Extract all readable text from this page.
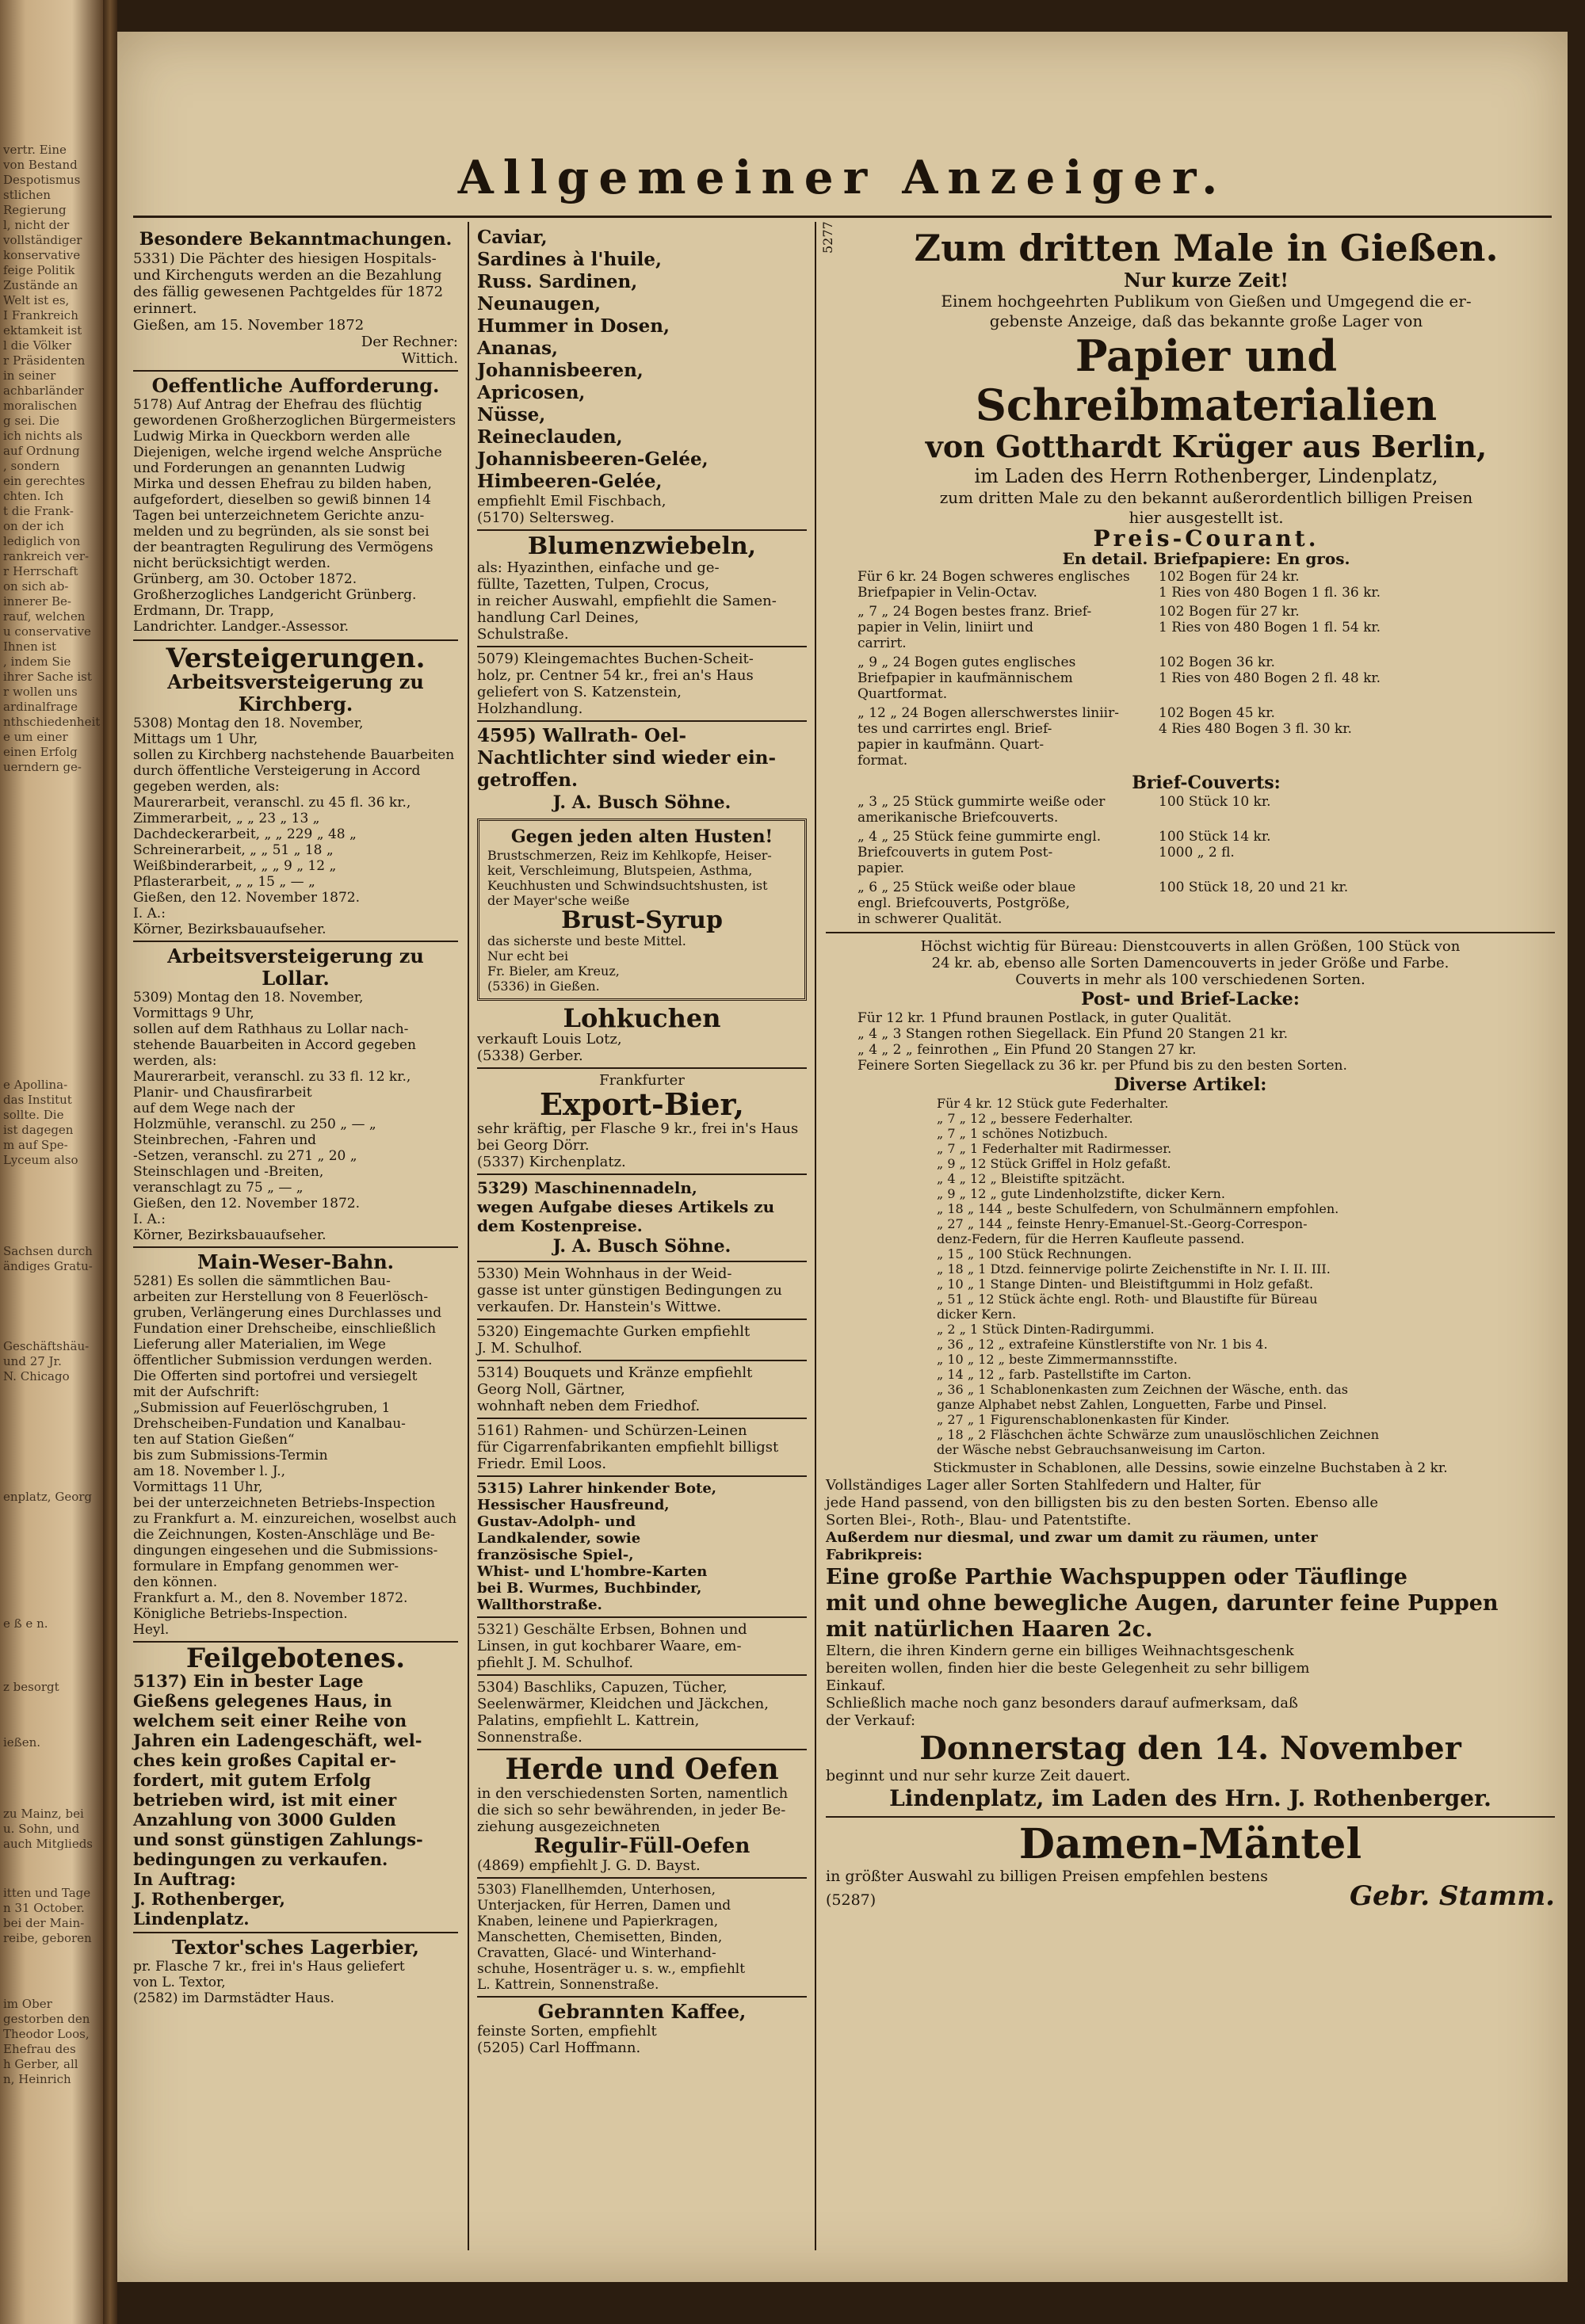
vertr. Eine
von Bestand
Despotismus
stlichen Regierung
l, nicht der
vollständiger
konservative
feige Politik
Zustände an
Welt ist es,
I Frankreich
ektamkeit ist
l die Völker
r Präsidenten
in seiner
achbarländer
moralischen
g sei. Die
ich nichts als
auf Ordnung
, sondern
ein gerechtes
chten. Ich
t die Frank-
on der ich
lediglich von
rankreich ver-
r Herrschaft
on sich ab-
innerer Be-
rauf, welchen
u conservative
Ihnen ist
, indem Sie
ihrer Sache ist
r wollen uns
ardinalfrage
nthschiedenheit
e um einer
einen Erfolg
uerndern ge-
e Apollina-
das Institut
sollte. Die
ist dagegen
m auf Spe-
Lyceum also
Sachsen durch
ändiges Gratu-
Geschäftshäu-
und 27 Jr.
N. Chicago
enplatz, Georg
e ß e n.
z besorgt
ießen.
zu Mainz, bei
u. Sohn, und
auch Mitglieds
itten und Tage
n 31 October.
bei der Main-
reibe, geboren
im Ober
gestorben den
Theodor Loos,
Ehefrau des
h Gerber, all
n, Heinrich
Allgemeiner Anzeiger.
Besondere Bekanntmachungen.
5331) Die Pächter des hiesigen Hospitals-
und Kirchenguts werden an die Bezahlung
des fällig gewesenen Pachtgeldes für 1872
erinnert.
Gießen, am 15. November 1872
Der Rechner:
Wittich.
Oeffentliche Aufforderung.
5178) Auf Antrag der Ehefrau des flüchtig
gewordenen Großherzoglichen Bürgermeisters
Ludwig Mirka in Queckborn werden alle
Diejenigen, welche irgend welche Ansprüche
und Forderungen an genannten Ludwig
Mirka und dessen Ehefrau zu bilden haben,
aufgefordert, dieselben so gewiß binnen 14
Tagen bei unterzeichnetem Gerichte anzu-
melden und zu begründen, als sie sonst bei
der beantragten Regulirung des Vermögens
nicht berücksichtigt werden.
Grünberg, am 30. October 1872.
Großherzogliches Landgericht Grünberg.
Erdmann, Dr. Trapp,
Landrichter. Landger.-Assessor.
Versteigerungen.
Arbeitsversteigerung zu Kirchberg.
5308) Montag den 18. November,
Mittags um 1 Uhr,
sollen zu Kirchberg nachstehende Bauarbeiten
durch öffentliche Versteigerung in Accord
gegeben werden, als:
Maurerarbeit, veranschl. zu 45 fl. 36 kr.,
Zimmerarbeit, „ „ 23 „ 13 „
Dachdeckerarbeit, „ „ 229 „ 48 „
Schreinerarbeit, „ „ 51 „ 18 „
Weißbinderarbeit, „ „ 9 „ 12 „
Pflasterarbeit, „ „ 15 „ — „
Gießen, den 12. November 1872.
I. A.:
Körner, Bezirksbauaufseher.
Arbeitsversteigerung zu Lollar.
5309) Montag den 18. November,
Vormittags 9 Uhr,
sollen auf dem Rathhaus zu Lollar nach-
stehende Bauarbeiten in Accord gegeben
werden, als:
Maurerarbeit, veranschl. zu 33 fl. 12 kr.,
Planir- und Chausfirarbeit
auf dem Wege nach der
Holzmühle, veranschl. zu 250 „ — „
Steinbrechen, -Fahren und
-Setzen, veranschl. zu 271 „ 20 „
Steinschlagen und -Breiten,
veranschlagt zu 75 „ — „
Gießen, den 12. November 1872.
I. A.:
Körner, Bezirksbauaufseher.
Main-Weser-Bahn.
5281) Es sollen die sämmtlichen Bau-
arbeiten zur Herstellung von 8 Feuerlösch-
gruben, Verlängerung eines Durchlasses und
Fundation einer Drehscheibe, einschließlich
Lieferung aller Materialien, im Wege
öffentlicher Submission verdungen werden.
Die Offerten sind portofrei und versiegelt
mit der Aufschrift:
„Submission auf Feuerlöschgruben, 1
Drehscheiben-Fundation und Kanalbau-
ten auf Station Gießen“
bis zum Submissions-Termin
am 18. November l. J.,
Vormittags 11 Uhr,
bei der unterzeichneten Betriebs-Inspection
zu Frankfurt a. M. einzureichen, woselbst auch
die Zeichnungen, Kosten-Anschläge und Be-
dingungen eingesehen und die Submissions-
formulare in Empfang genommen wer-
den können.
Frankfurt a. M., den 8. November 1872.
Königliche Betriebs-Inspection.
Heyl.
Feilgebotenes.
5137) Ein in bester Lage
Gießens gelegenes Haus, in
welchem seit einer Reihe von
Jahren ein Ladengeschäft, wel-
ches kein großes Capital er-
fordert, mit gutem Erfolg
betrieben wird, ist mit einer
Anzahlung von 3000 Gulden
und sonst günstigen Zahlungs-
bedingungen zu verkaufen.
In Auftrag:
J. Rothenberger,
Lindenplatz.
Textor'sches Lagerbier,
pr. Flasche 7 kr., frei in's Haus geliefert
von L. Textor,
(2582) im Darmstädter Haus.
Caviar,
Sardines à l'huile,
Russ. Sardinen,
Neunaugen,
Hummer in Dosen,
Ananas,
Johannisbeeren,
Apricosen,
Nüsse,
Reineclauden,
Johannisbeeren-Gelée,
Himbeeren-Gelée,
empfiehlt Emil Fischbach,
(5170) Seltersweg.
Blumenzwiebeln,
als: Hyazinthen, einfache und ge-
füllte, Tazetten, Tulpen, Crocus,
in reicher Auswahl, empfiehlt die Samen-
handlung Carl Deines,
Schulstraße.
5079) Kleingemachtes Buchen-Scheit-
holz, pr. Centner 54 kr., frei an's Haus
geliefert von S. Katzenstein,
Holzhandlung.
4595) Wallrath- Oel-
Nachtlichter sind wieder ein-
getroffen.
J. A. Busch Söhne.
Gegen jeden alten Husten!
Brustschmerzen, Reiz im Kehlkopfe, Heiser-
keit, Verschleimung, Blutspeien, Asthma,
Keuchhusten und Schwindsuchtshusten, ist
der Mayer'sche weiße
Brust-Syrup
das sicherste und beste Mittel.
Nur echt bei
Fr. Bieler, am Kreuz,
(5336) in Gießen.
Lohkuchen
verkauft Louis Lotz,
(5338) Gerber.
Frankfurter
Export-Bier,
sehr kräftig, per Flasche 9 kr., frei in's Haus
bei Georg Dörr.
(5337) Kirchenplatz.
5329) Maschinennadeln,
wegen Aufgabe dieses Artikels zu
dem Kostenpreise.
J. A. Busch Söhne.
5330) Mein Wohnhaus in der Weid-
gasse ist unter günstigen Bedingungen zu
verkaufen. Dr. Hanstein's Wittwe.
5320) Eingemachte Gurken empfiehlt
J. M. Schulhof.
5314) Bouquets und Kränze empfiehlt
Georg Noll, Gärtner,
wohnhaft neben dem Friedhof.
5161) Rahmen- und Schürzen-Leinen
für Cigarrenfabrikanten empfiehlt billigst
Friedr. Emil Loos.
5315) Lahrer hinkender Bote,
Hessischer Hausfreund,
Gustav-Adolph- und
Landkalender, sowie
französische Spiel-,
Whist- und L'hombre-Karten
bei B. Wurmes, Buchbinder,
Wallthorstraße.
5321) Geschälte Erbsen, Bohnen und
Linsen, in gut kochbarer Waare, em-
pfiehlt J. M. Schulhof.
5304) Baschliks, Capuzen, Tücher,
Seelenwärmer, Kleidchen und Jäckchen,
Palatins, empfiehlt L. Kattrein,
Sonnenstraße.
Herde und Oefen
in den verschiedensten Sorten, namentlich
die sich so sehr bewährenden, in jeder Be-
ziehung ausgezeichneten
Regulir-Füll-Oefen
(4869) empfiehlt J. G. D. Bayst.
5303) Flanellhemden, Unterhosen,
Unterjacken, für Herren, Damen und
Knaben, leinene und Papierkragen,
Manschetten, Chemisetten, Binden,
Cravatten, Glacé- und Winterhand-
schuhe, Hosenträger u. s. w., empfiehlt
L. Kattrein, Sonnenstraße.
Gebrannten Kaffee,
feinste Sorten, empfiehlt
(5205) Carl Hoffmann.
5277	Zum dritten Male in Gießen.
Nur kurze Zeit!
Einem hochgeehrten Publikum von Gießen und Umgegend die er-
gebenste Anzeige, daß das bekannte große Lager von
Papier und Schreibmaterialien
von Gotthardt Krüger aus Berlin,
im Laden des Herrn Rothenberger, Lindenplatz,
zum dritten Male zu den bekannt außerordentlich billigen Preisen
hier ausgestellt ist.
Preis-Courant.
En detail. Briefpapiere: En gros.
Für 6 kr. 24 Bogen schweres englisches
Briefpapier in Velin-Octav.
102 Bogen für 24 kr.
1 Ries von 480 Bogen 1 fl. 36 kr.
„ 7 „ 24 Bogen bestes franz. Brief-
papier in Velin, liniirt und
carrirt.
102 Bogen für 27 kr.
1 Ries von 480 Bogen 1 fl. 54 kr.
„ 9 „ 24 Bogen gutes englisches
Briefpapier in kaufmännischem
Quartformat.
102 Bogen 36 kr.
1 Ries von 480 Bogen 2 fl. 48 kr.
„ 12 „ 24 Bogen allerschwerstes liniir-
tes und carrirtes engl. Brief-
papier in kaufmänn. Quart-
format.
102 Bogen 45 kr.
4 Ries 480 Bogen 3 fl. 30 kr.
Brief-Couverts:
„ 3 „ 25 Stück gummirte weiße oder
amerikanische Briefcouverts.
100 Stück 10 kr.
„ 4 „ 25 Stück feine gummirte engl.
Briefcouverts in gutem Post-
papier.
100 Stück 14 kr.
1000 „ 2 fl.
„ 6 „ 25 Stück weiße oder blaue
engl. Briefcouverts, Postgröße,
in schwerer Qualität.
100 Stück 18, 20 und 21 kr.
Höchst wichtig für Büreau: Dienstcouverts in allen Größen, 100 Stück von
24 kr. ab, ebenso alle Sorten Damencouverts in jeder Größe und Farbe.
Couverts in mehr als 100 verschiedenen Sorten.
Post- und Brief-Lacke:
Für 12 kr. 1 Pfund braunen Postlack, in guter Qualität.
„ 4 „ 3 Stangen rothen Siegellack. Ein Pfund 20 Stangen 21 kr.
„ 4 „ 2 „ feinrothen „ Ein Pfund 20 Stangen 27 kr.
Feinere Sorten Siegellack zu 36 kr. per Pfund bis zu den besten Sorten.
Diverse Artikel:
Für 4 kr. 12 Stück gute Federhalter.
„ 7 „ 12 „ bessere Federhalter.
„ 7 „ 1 schönes Notizbuch.
„ 7 „ 1 Federhalter mit Radirmesser.
„ 9 „ 12 Stück Griffel in Holz gefaßt.
„ 4 „ 12 „ Bleistifte spitzächt.
„ 9 „ 12 „ gute Lindenholzstifte, dicker Kern.
„ 18 „ 144 „ beste Schulfedern, von Schulmännern empfohlen.
„ 27 „ 144 „ feinste Henry-Emanuel-St.-Georg-Correspon-
denz-Federn, für die Herren Kaufleute passend.
„ 15 „ 100 Stück Rechnungen.
„ 18 „ 1 Dtzd. feinnervige polirte Zeichenstifte in Nr. I. II. III.
„ 10 „ 1 Stange Dinten- und Bleistiftgummi in Holz gefaßt.
„ 51 „ 12 Stück ächte engl. Roth- und Blaustifte für Büreau
dicker Kern.
„ 2 „ 1 Stück Dinten-Radirgummi.
„ 36 „ 12 „ extrafeine Künstlerstifte von Nr. 1 bis 4.
„ 10 „ 12 „ beste Zimmermannsstifte.
„ 14 „ 12 „ farb. Pastellstifte im Carton.
„ 36 „ 1 Schablonenkasten zum Zeichnen der Wäsche, enth. das
ganze Alphabet nebst Zahlen, Longuetten, Farbe und Pinsel.
„ 27 „ 1 Figurenschablonenkasten für Kinder.
„ 18 „ 2 Fläschchen ächte Schwärze zum unauslöschlichen Zeichnen
der Wäsche nebst Gebrauchsanweisung im Carton.
Stickmuster in Schablonen, alle Dessins, sowie einzelne Buchstaben à 2 kr.
Vollständiges Lager aller Sorten Stahlfedern und Halter, für
jede Hand passend, von den billigsten bis zu den besten Sorten. Ebenso alle
Sorten Blei-, Roth-, Blau- und Patentstifte.
Außerdem nur diesmal, und zwar um damit zu räumen, unter
Fabrikpreis:
Eine große Parthie Wachspuppen oder Täuflinge
mit und ohne bewegliche Augen, darunter feine Puppen
mit natürlichen Haaren 2c.
Eltern, die ihren Kindern gerne ein billiges Weihnachtsgeschenk
bereiten wollen, finden hier die beste Gelegenheit zu sehr billigem
Einkauf.
Schließlich mache noch ganz besonders darauf aufmerksam, daß
der Verkauf:
Donnerstag den 14. November
beginnt und nur sehr kurze Zeit dauert.
Lindenplatz, im Laden des Hrn. J. Rothenberger.
Damen-Mäntel
in größter Auswahl zu billigen Preisen empfehlen bestens
(5287)	Gebr. Stamm.
